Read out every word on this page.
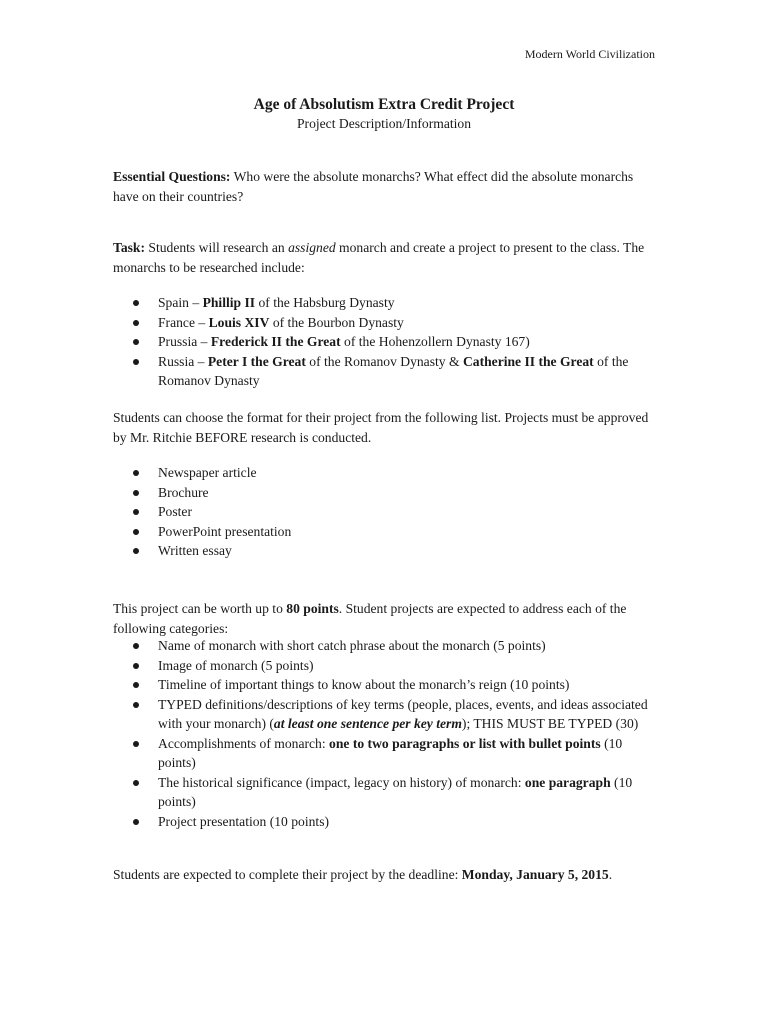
Modern World Civilization
Age of Absolutism Extra Credit Project
Project Description/Information

Essential Questions: Who were the absolute monarchs? What effect did the absolute monarchs have on their countries?

Task: Students will research an assigned monarch and create a project to present to the class. The monarchs to be researched include:

Spain – Phillip II of the Habsburg Dynasty
France – Louis XIV of the Bourbon Dynasty
Prussia – Frederick II the Great of the Hohenzollern Dynasty 167)
Russia – Peter I the Great of the Romanov Dynasty & Catherine II the Great of the Romanov Dynasty

Students can choose the format for their project from the following list. Projects must be approved by Mr. Ritchie BEFORE research is conducted.

Newspaper article
Brochure
Poster
PowerPoint presentation
Written essay

This project can be worth up to 80 points. Student projects are expected to address each of the following categories:

Name of monarch with short catch phrase about the monarch (5 points)
Image of monarch (5 points)
Timeline of important things to know about the monarch’s reign (10 points)
TYPED definitions/descriptions of key terms (people, places, events, and ideas associated with your monarch) (at least one sentence per key term); THIS MUST BE TYPED (30)
Accomplishments of monarch: one to two paragraphs or list with bullet points (10 points)
The historical significance (impact, legacy on history) of monarch: one paragraph (10 points)
Project presentation (10 points)

Students are expected to complete their project by the deadline: Monday, January 5, 2015.
